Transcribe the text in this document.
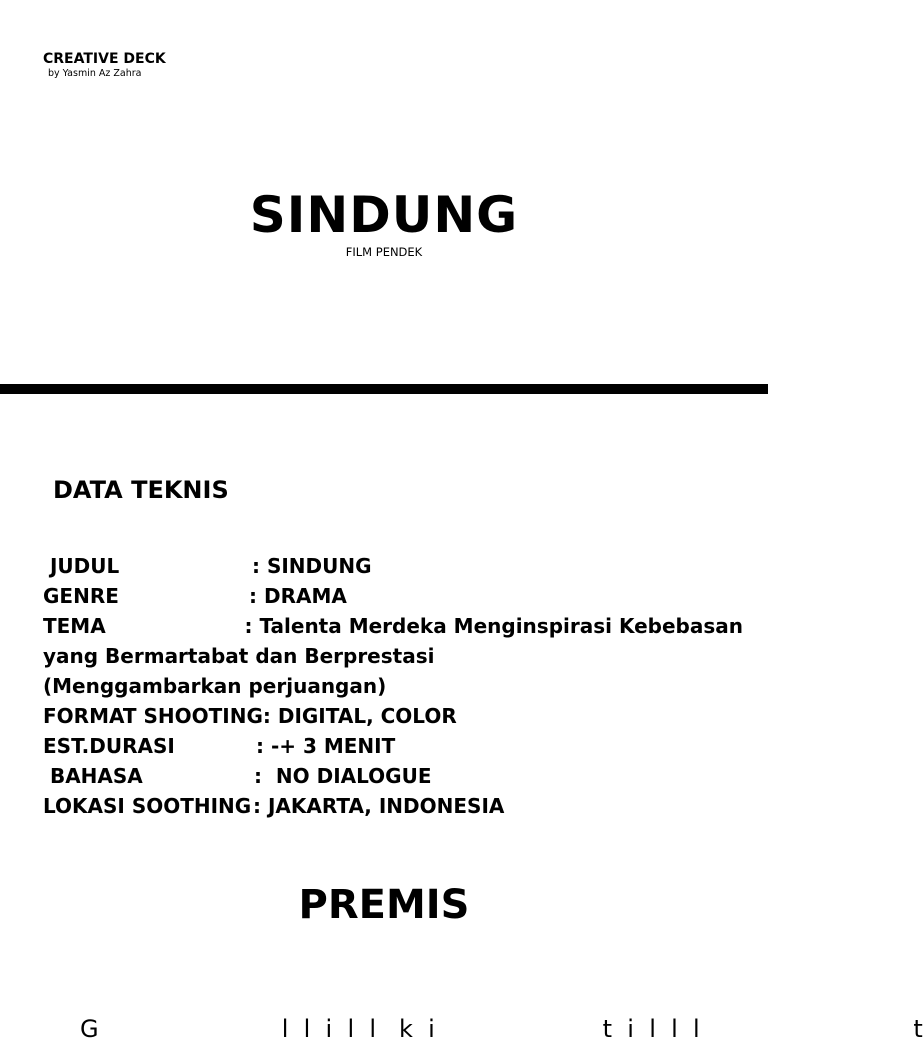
CREATIVE DECK
by Yasmin Az Zahra
SINDUNG
FILM PENDEK
DATA TEKNIS
JUDUL	: SINDUNG
GENRE	: DRAMA
TEMA	: Talenta Merdeka Menginspirasi Kebebasan
yang Bermartabat dan Berprestasi
(Menggambarkan perjuangan)
FORMAT SHOOTING : DIGITAL, COLOR
EST.DURASI	: -+ 3 MENIT
BAHASA	:  NO DIALOGUE
LOKASI SOOTHING : JAKARTA, INDONESIA
PREMIS
G                        l  l  i  l  l   k  i                      t  i  l  l  l                            t
